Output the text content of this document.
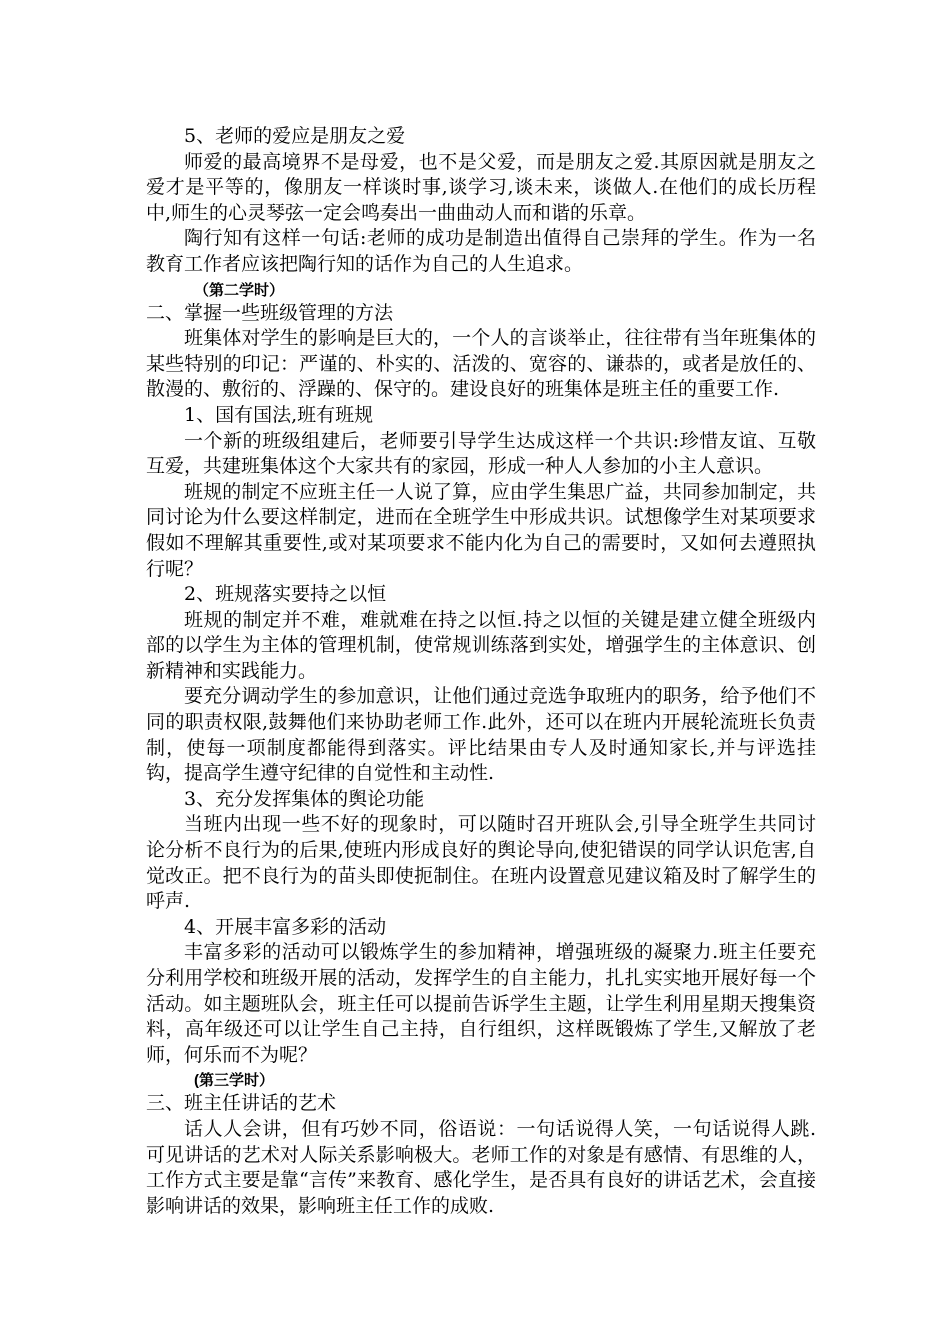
5、老师的爱应是朋友之爱

师爱的最高境界不是母爱，也不是父爱，而是朋友之爱.其原因就是朋友之爱才是平等的，像朋友一样谈时事,谈学习,谈未来，谈做人.在他们的成长历程中,师生的心灵琴弦一定会鸣奏出一曲曲动人而和谐的乐章。

陶行知有这样一句话:老师的成功是制造出值得自己崇拜的学生。作为一名教育工作者应该把陶行知的话作为自己的人生追求。

（第二学时）

二、掌握一些班级管理的方法

班集体对学生的影响是巨大的，一个人的言谈举止，往往带有当年班集体的某些特别的印记：严谨的、朴实的、活泼的、宽容的、谦恭的，或者是放任的、散漫的、敷衍的、浮躁的、保守的。建设良好的班集体是班主任的重要工作.

1、国有国法,班有班规

一个新的班级组建后，老师要引导学生达成这样一个共识:珍惜友谊、互敬互爱，共建班集体这个大家共有的家园，形成一种人人参加的小主人意识。

班规的制定不应班主任一人说了算，应由学生集思广益，共同参加制定，共同讨论为什么要这样制定，进而在全班学生中形成共识。试想像学生对某项要求假如不理解其重要性,或对某项要求不能内化为自己的需要时，又如何去遵照执行呢？

2、班规落实要持之以恒

班规的制定并不难，难就难在持之以恒.持之以恒的关键是建立健全班级内部的以学生为主体的管理机制，使常规训练落到实处，增强学生的主体意识、创新精神和实践能力。

要充分调动学生的参加意识，让他们通过竞选争取班内的职务，给予他们不同的职责权限,鼓舞他们来协助老师工作.此外，还可以在班内开展轮流班长负责制，使每一项制度都能得到落实。评比结果由专人及时通知家长,并与评选挂钩，提高学生遵守纪律的自觉性和主动性.

3、充分发挥集体的舆论功能

当班内出现一些不好的现象时，可以随时召开班队会,引导全班学生共同讨论分析不良行为的后果,使班内形成良好的舆论导向,使犯错误的同学认识危害,自觉改正。把不良行为的苗头即使扼制住。在班内设置意见建议箱及时了解学生的呼声.

4、开展丰富多彩的活动

丰富多彩的活动可以锻炼学生的参加精神，增强班级的凝聚力.班主任要充分利用学校和班级开展的活动，发挥学生的自主能力，扎扎实实地开展好每一个活动。如主题班队会，班主任可以提前告诉学生主题，让学生利用星期天搜集资料，高年级还可以让学生自己主持，自行组织，这样既锻炼了学生,又解放了老师，何乐而不为呢？

(第三学时）

三、班主任讲话的艺术

话人人会讲，但有巧妙不同，俗语说：一句话说得人笑，一句话说得人跳.可见讲话的艺术对人际关系影响极大。老师工作的对象是有感情、有思维的人，工作方式主要是靠“言传”来教育、感化学生，是否具有良好的讲话艺术，会直接影响讲话的效果，影响班主任工作的成败.
